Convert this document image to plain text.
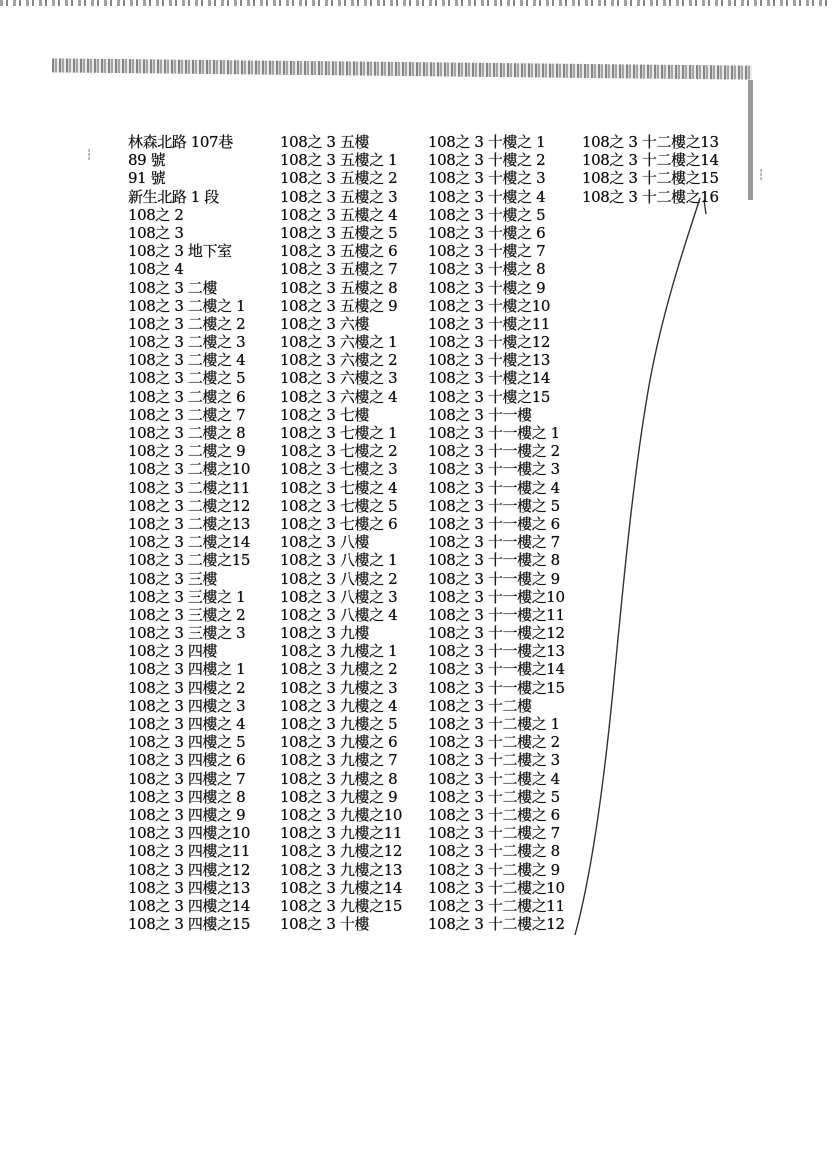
┆
┆
林森北路 107巷
89 號
91 號
新生北路 1 段
108之 2
108之 3
108之 3 地下室
108之 4
108之 3 二樓
108之 3 二樓之 1
108之 3 二樓之 2
108之 3 二樓之 3
108之 3 二樓之 4
108之 3 二樓之 5
108之 3 二樓之 6
108之 3 二樓之 7
108之 3 二樓之 8
108之 3 二樓之 9
108之 3 二樓之10
108之 3 二樓之11
108之 3 二樓之12
108之 3 二樓之13
108之 3 二樓之14
108之 3 二樓之15
108之 3 三樓
108之 3 三樓之 1
108之 3 三樓之 2
108之 3 三樓之 3
108之 3 四樓
108之 3 四樓之 1
108之 3 四樓之 2
108之 3 四樓之 3
108之 3 四樓之 4
108之 3 四樓之 5
108之 3 四樓之 6
108之 3 四樓之 7
108之 3 四樓之 8
108之 3 四樓之 9
108之 3 四樓之10
108之 3 四樓之11
108之 3 四樓之12
108之 3 四樓之13
108之 3 四樓之14
108之 3 四樓之15
108之 3 五樓
108之 3 五樓之 1
108之 3 五樓之 2
108之 3 五樓之 3
108之 3 五樓之 4
108之 3 五樓之 5
108之 3 五樓之 6
108之 3 五樓之 7
108之 3 五樓之 8
108之 3 五樓之 9
108之 3 六樓
108之 3 六樓之 1
108之 3 六樓之 2
108之 3 六樓之 3
108之 3 六樓之 4
108之 3 七樓
108之 3 七樓之 1
108之 3 七樓之 2
108之 3 七樓之 3
108之 3 七樓之 4
108之 3 七樓之 5
108之 3 七樓之 6
108之 3 八樓
108之 3 八樓之 1
108之 3 八樓之 2
108之 3 八樓之 3
108之 3 八樓之 4
108之 3 九樓
108之 3 九樓之 1
108之 3 九樓之 2
108之 3 九樓之 3
108之 3 九樓之 4
108之 3 九樓之 5
108之 3 九樓之 6
108之 3 九樓之 7
108之 3 九樓之 8
108之 3 九樓之 9
108之 3 九樓之10
108之 3 九樓之11
108之 3 九樓之12
108之 3 九樓之13
108之 3 九樓之14
108之 3 九樓之15
108之 3 十樓
108之 3 十樓之 1
108之 3 十樓之 2
108之 3 十樓之 3
108之 3 十樓之 4
108之 3 十樓之 5
108之 3 十樓之 6
108之 3 十樓之 7
108之 3 十樓之 8
108之 3 十樓之 9
108之 3 十樓之10
108之 3 十樓之11
108之 3 十樓之12
108之 3 十樓之13
108之 3 十樓之14
108之 3 十樓之15
108之 3 十一樓
108之 3 十一樓之 1
108之 3 十一樓之 2
108之 3 十一樓之 3
108之 3 十一樓之 4
108之 3 十一樓之 5
108之 3 十一樓之 6
108之 3 十一樓之 7
108之 3 十一樓之 8
108之 3 十一樓之 9
108之 3 十一樓之10
108之 3 十一樓之11
108之 3 十一樓之12
108之 3 十一樓之13
108之 3 十一樓之14
108之 3 十一樓之15
108之 3 十二樓
108之 3 十二樓之 1
108之 3 十二樓之 2
108之 3 十二樓之 3
108之 3 十二樓之 4
108之 3 十二樓之 5
108之 3 十二樓之 6
108之 3 十二樓之 7
108之 3 十二樓之 8
108之 3 十二樓之 9
108之 3 十二樓之10
108之 3 十二樓之11
108之 3 十二樓之12
108之 3 十二樓之13
108之 3 十二樓之14
108之 3 十二樓之15
108之 3 十二樓之16
